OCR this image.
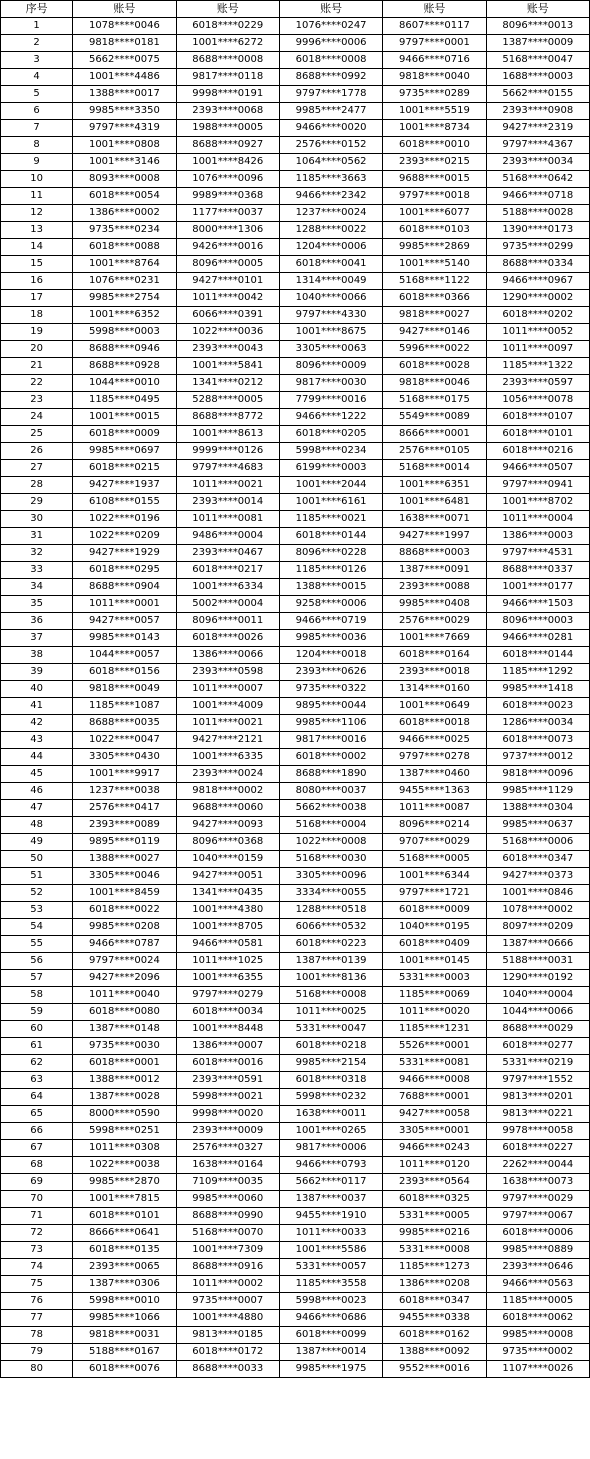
序号	账号	账号	账号	账号	账号
1	1078****0046	6018****0229	1076****0247	8607****0117	8096****0013
2	9818****0181	1001****6272	9996****0006	9797****0001	1387****0009
3	5662****0075	8688****0008	6018****0008	9466****0716	5168****0047
4	1001****4486	9817****0118	8688****0992	9818****0040	1688****0003
5	1388****0017	9998****0191	9797****1778	9735****0289	5662****0155
6	9985****3350	2393****0068	9985****2477	1001****5519	2393****0908
7	9797****4319	1988****0005	9466****0020	1001****8734	9427****2319
8	1001****0808	8688****0927	2576****0152	6018****0010	9797****4367
9	1001****3146	1001****8426	1064****0562	2393****0215	2393****0034
10	8093****0008	1076****0096	1185****3663	9688****0015	5168****0642
11	6018****0054	9989****0368	9466****2342	9797****0018	9466****0718
12	1386****0002	1177****0037	1237****0024	1001****6077	5188****0028
13	9735****0234	8000****1306	1288****0022	6018****0103	1390****0173
14	6018****0088	9426****0016	1204****0006	9985****2869	9735****0299
15	1001****8764	8096****0005	6018****0041	1001****5140	8688****0334
16	1076****0231	9427****0101	1314****0049	5168****1122	9466****0967
17	9985****2754	1011****0042	1040****0066	6018****0366	1290****0002
18	1001****6352	6066****0391	9797****4330	9818****0027	6018****0202
19	5998****0003	1022****0036	1001****8675	9427****0146	1011****0052
20	8688****0946	2393****0043	3305****0063	5996****0022	1011****0097
21	8688****0928	1001****5841	8096****0009	6018****0028	1185****1322
22	1044****0010	1341****0212	9817****0030	9818****0046	2393****0597
23	1185****0495	5288****0005	7799****0016	5168****0175	1056****0078
24	1001****0015	8688****8772	9466****1222	5549****0089	6018****0107
25	6018****0009	1001****8613	6018****0205	8666****0001	6018****0101
26	9985****0697	9999****0126	5998****0234	2576****0105	6018****0216
27	6018****0215	9797****4683	6199****0003	5168****0014	9466****0507
28	9427****1937	1011****0021	1001****2044	1001****6351	9797****0941
29	6108****0155	2393****0014	1001****6161	1001****6481	1001****8702
30	1022****0196	1011****0081	1185****0021	1638****0071	1011****0004
31	1022****0209	9486****0004	6018****0144	9427****1997	1386****0003
32	9427****1929	2393****0467	8096****0228	8868****0003	9797****4531
33	6018****0295	6018****0217	1185****0126	1387****0091	8688****0337
34	8688****0904	1001****6334	1388****0015	2393****0088	1001****0177
35	1011****0001	5002****0004	9258****0006	9985****0408	9466****1503
36	9427****0057	8096****0011	9466****0719	2576****0029	8096****0003
37	9985****0143	6018****0026	9985****0036	1001****7669	9466****0281
38	1044****0057	1386****0066	1204****0018	6018****0164	6018****0144
39	6018****0156	2393****0598	2393****0626	2393****0018	1185****1292
40	9818****0049	1011****0007	9735****0322	1314****0160	9985****1418
41	1185****1087	1001****4009	9895****0044	1001****0649	6018****0023
42	8688****0035	1011****0021	9985****1106	6018****0018	1286****0034
43	1022****0047	9427****2121	9817****0016	9466****0025	6018****0073
44	3305****0430	1001****6335	6018****0002	9797****0278	9737****0012
45	1001****9917	2393****0024	8688****1890	1387****0460	9818****0096
46	1237****0038	9818****0002	8080****0037	9455****1363	9985****1129
47	2576****0417	9688****0060	5662****0038	1011****0087	1388****0304
48	2393****0089	9427****0093	5168****0004	8096****0214	9985****0637
49	9895****0119	8096****0368	1022****0008	9707****0029	5168****0006
50	1388****0027	1040****0159	5168****0030	5168****0005	6018****0347
51	3305****0046	9427****0051	3305****0096	1001****6344	9427****0373
52	1001****8459	1341****0435	3334****0055	9797****1721	1001****0846
53	6018****0022	1001****4380	1288****0518	6018****0009	1078****0002
54	9985****0208	1001****8705	6066****0532	1040****0195	8097****0209
55	9466****0787	9466****0581	6018****0223	6018****0409	1387****0666
56	9797****0024	1011****1025	1387****0139	1001****0145	5188****0031
57	9427****2096	1001****6355	1001****8136	5331****0003	1290****0192
58	1011****0040	9797****0279	5168****0008	1185****0069	1040****0004
59	6018****0080	6018****0034	1011****0025	1011****0020	1044****0066
60	1387****0148	1001****8448	5331****0047	1185****1231	8688****0029
61	9735****0030	1386****0007	6018****0218	5526****0001	6018****0277
62	6018****0001	6018****0016	9985****2154	5331****0081	5331****0219
63	1388****0012	2393****0591	6018****0318	9466****0008	9797****1552
64	1387****0028	5998****0021	5998****0232	7688****0001	9813****0201
65	8000****0590	9998****0020	1638****0011	9427****0058	9813****0221
66	5998****0251	2393****0009	1001****0265	3305****0001	9978****0058
67	1011****0308	2576****0327	9817****0006	9466****0243	6018****0227
68	1022****0038	1638****0164	9466****0793	1011****0120	2262****0044
69	9985****2870	7109****0035	5662****0117	2393****0564	1638****0073
70	1001****7815	9985****0060	1387****0037	6018****0325	9797****0029
71	6018****0101	8688****0990	9455****1910	5331****0005	9797****0067
72	8666****0641	5168****0070	1011****0033	9985****0216	6018****0006
73	6018****0135	1001****7309	1001****5586	5331****0008	9985****0889
74	2393****0065	8688****0916	5331****0057	1185****1273	2393****0646
75	1387****0306	1011****0002	1185****3558	1386****0208	9466****0563
76	5998****0010	9735****0007	5998****0023	6018****0347	1185****0005
77	9985****1066	1001****4880	9466****0686	9455****0338	6018****0062
78	9818****0031	9813****0185	6018****0099	6018****0162	9985****0008
79	5188****0167	6018****0172	1387****0014	1388****0092	9735****0002
80	6018****0076	8688****0033	9985****1975	9552****0016	1107****0026
